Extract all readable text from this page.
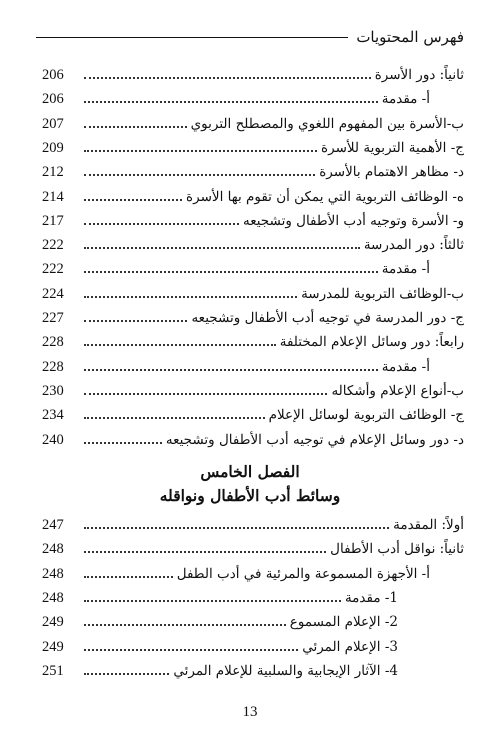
فهرس المحتويات
ثانياً: دور الأسرة
206
أ- مقدمة
206
ب-الأسرة بين المفهوم اللغوي والمصطلح التربوي
207
ج- الأهمية التربوية للأسرة
209
د- مظاهر الاهتمام بالأسرة
212
ه- الوظائف التربوية التي يمكن أن تقوم بها الأسرة
214
و- الأسرة وتوجيه أدب الأطفال وتشجيعه
217
ثالثاً: دور المدرسة
222
أ- مقدمة
222
ب-الوظائف التربوية للمدرسة
224
ج- دور المدرسة في توجيه أدب الأطفال وتشجيعه
227
رابعاً: دور وسائل الإعلام المختلفة
228
أ- مقدمة
228
ب-أنواع الإعلام وأشكاله
230
ج- الوظائف التربوية لوسائل الإعلام
234
د- دور وسائل الإعلام في توجيه أدب الأطفال وتشجيعه
240
الفصل الخامس
وسائط أدب الأطفال ونواقله
أولاً: المقدمة
247
ثانياً: نواقل أدب الأطفال
248
أ- الأجهزة المسموعة والمرئية في أدب الطفل
248
1- مقدمة
248
2- الإعلام المسموع
249
3- الإعلام المرئي
249
4- الآثار الإيجابية والسلبية للإعلام المرئي
251
13
